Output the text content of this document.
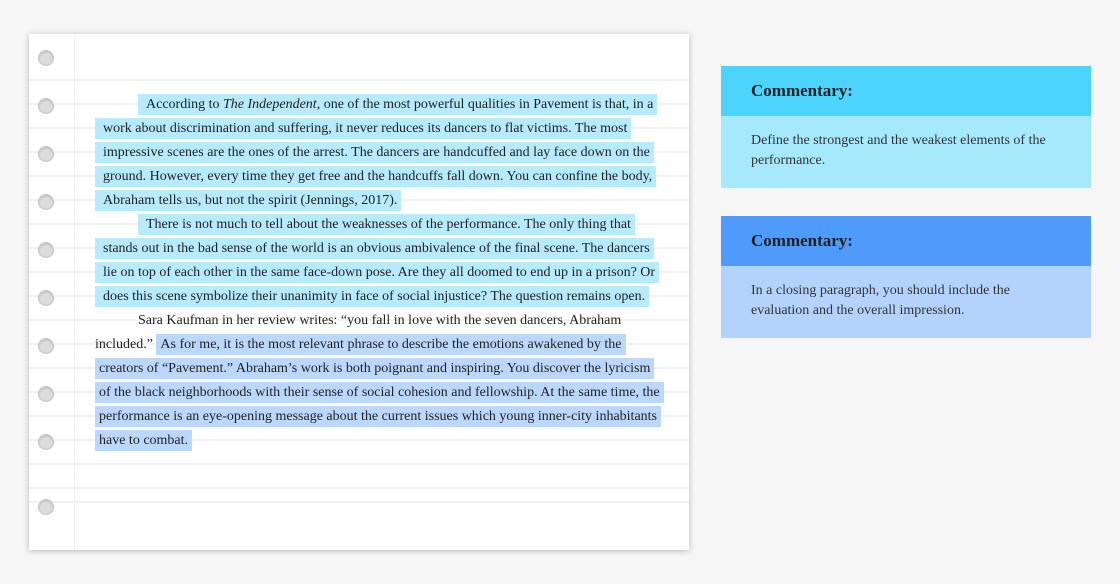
According to The Independent, one of the most powerful qualities in Pavement is that, in a work about discrimination and suffering, it never reduces its dancers to flat victims. The most impressive scenes are the ones of the arrest. The dancers are handcuffed and lay face down on the ground. However, every time they get free and the handcuffs fall down. You can confine the body, Abraham tells us, but not the spirit (Jennings, 2017).

There is not much to tell about the weaknesses of the performance. The only thing that stands out in the bad sense of the world is an obvious ambivalence of the final scene. The dancers lie on top of each other in the same face-down pose. Are they all doomed to end up in a prison? Or does this scene symbolize their unanimity in face of social injustice? The question remains open.

Sara Kaufman in her review writes: “you fall in love with the seven dancers, Abraham included.” As for me, it is the most relevant phrase to describe the emotions awakened by the creators of “Pavement.” Abraham’s work is both poignant and inspiring. You discover the lyricism of the black neighborhoods with their sense of social cohesion and fellowship. At the same time, the performance is an eye-opening message about the current issues which young inner-city inhabitants have to combat.

Commentary:
Define the strongest and the weakest elements of the performance.
Commentary:
In a closing paragraph, you should include the evaluation and the overall impression.
